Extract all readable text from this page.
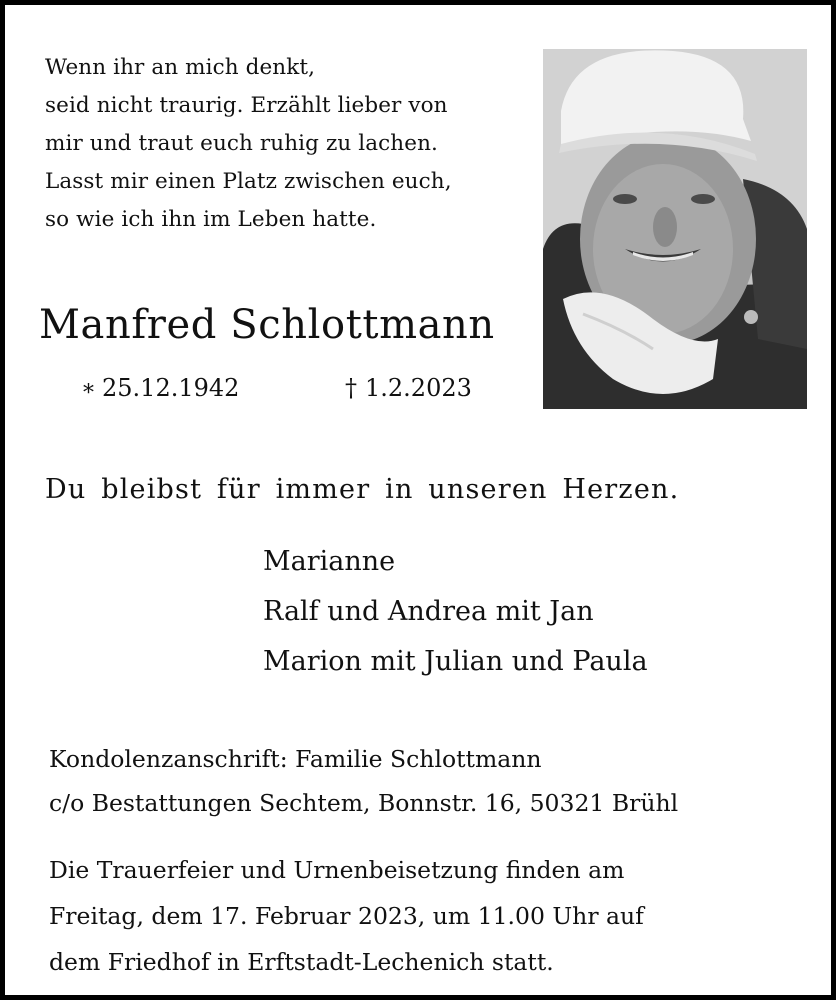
Wenn ihr an mich denkt,
seid nicht traurig. Erzählt lieber von
mir und traut euch ruhig zu lachen.
Lasst mir einen Platz zwischen euch,
so wie ich ihn im Leben hatte.
Manfred Schlottmann
* 25.12.1942	† 1.2.2023
Du bleibst für immer in unseren Herzen.
Marianne
Ralf und Andrea mit Jan
Marion mit Julian und Paula
Kondolenzanschrift: Familie Schlottmann
c/o Bestattungen Sechtem, Bonnstr. 16, 50321 Brühl
Die Trauerfeier und Urnenbeisetzung finden am
Freitag, dem 17. Februar 2023, um 11.00 Uhr auf
dem Friedhof in Erftstadt-Lechenich statt.
